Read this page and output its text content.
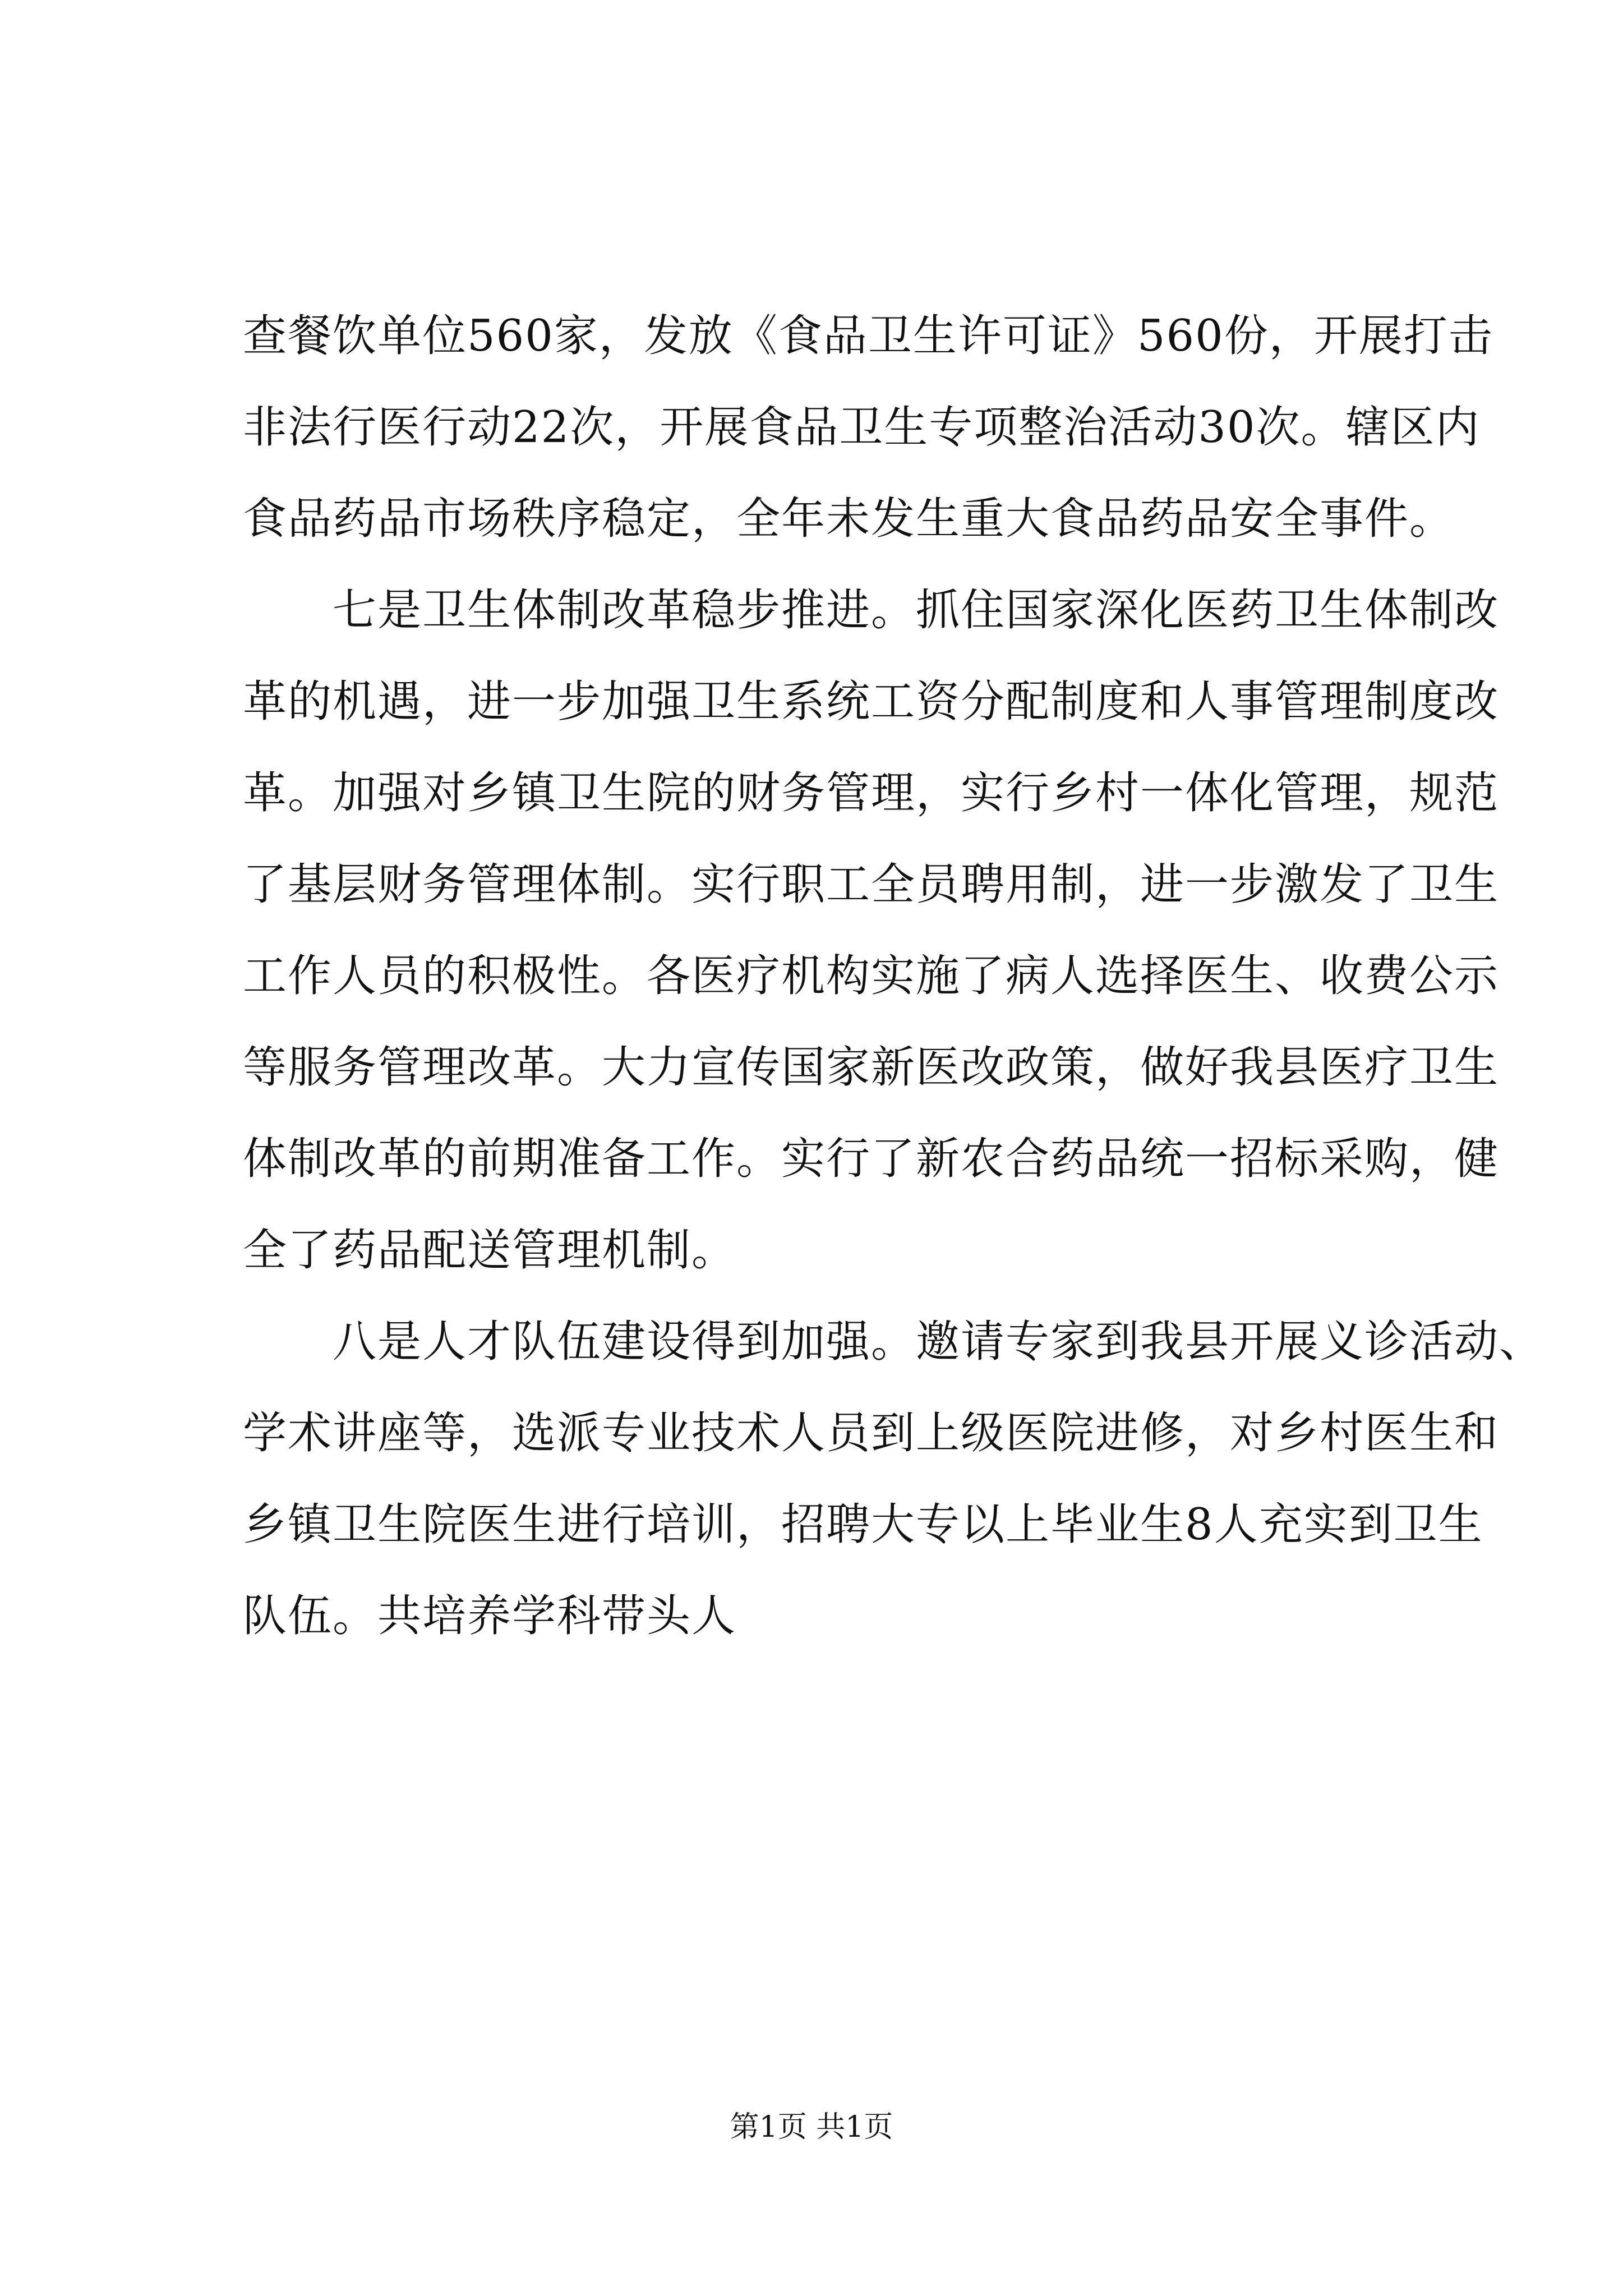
查餐饮单位560家，发放《食品卫生许可证》560份，开展打击
非法行医行动22次，开展食品卫生专项整治活动30次。辖区内
食品药品市场秩序稳定，全年未发生重大食品药品安全事件。
七是卫生体制改革稳步推进。抓住国家深化医药卫生体制改
革的机遇，进一步加强卫生系统工资分配制度和人事管理制度改
革。加强对乡镇卫生院的财务管理，实行乡村一体化管理，规范
了基层财务管理体制。实行职工全员聘用制，进一步激发了卫生
工作人员的积极性。各医疗机构实施了病人选择医生、收费公示
等服务管理改革。大力宣传国家新医改政策，做好我县医疗卫生
体制改革的前期准备工作。实行了新农合药品统一招标采购，健
全了药品配送管理机制。
八是人才队伍建设得到加强。邀请专家到我县开展义诊活动、
学术讲座等，选派专业技术人员到上级医院进修，对乡村医生和
乡镇卫生院医生进行培训，招聘大专以上毕业生8人充实到卫生
队伍。共培养学科带头人
第1页 共1页
